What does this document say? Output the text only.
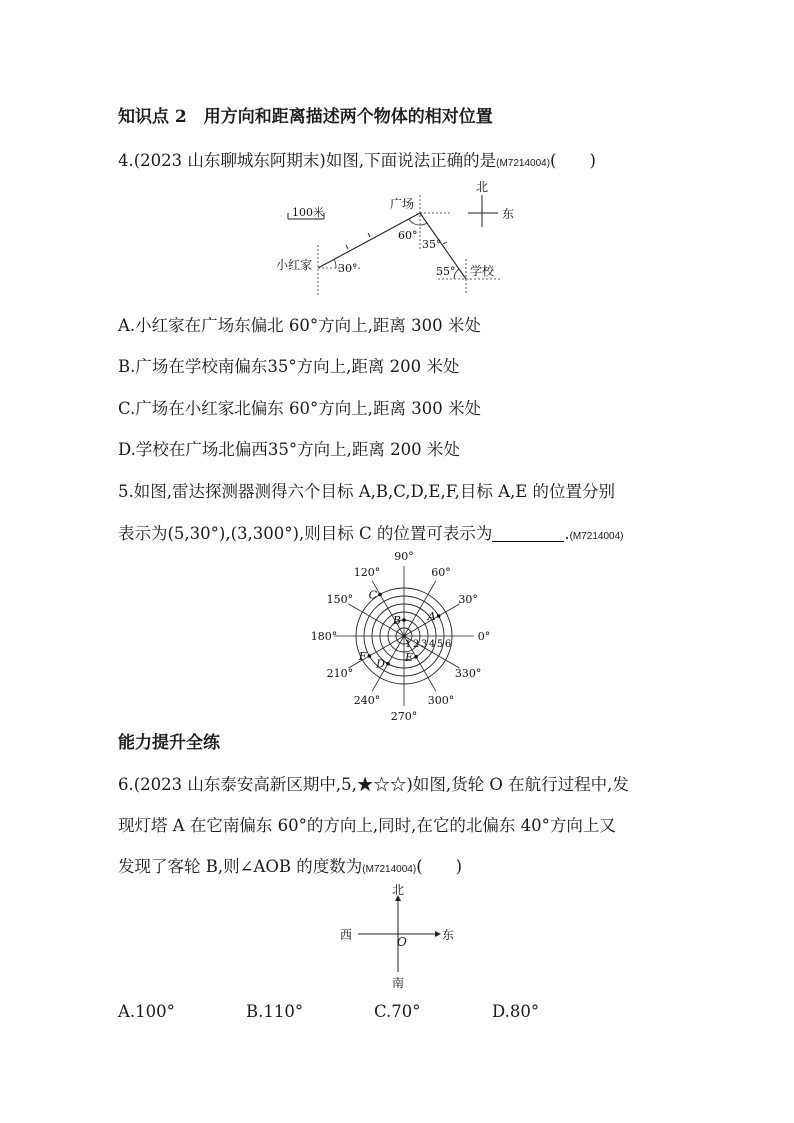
知识点 2　用方向和距离描述两个物体的相对位置
4.(2023 山东聊城东阿期末)如图,下面说法正确的是(M7214004)(　　)
100米
北
东
广场
小红家	学校
30°
60°
35°
55°
A.小红家在广场东偏北 60°方向上,距离 300 米处
B.广场在学校南偏东35°方向上,距离 200 米处
C.广场在小红家北偏东 60°方向上,距离 300 米处
D.学校在广场北偏西35°方向上,距离 200 米处
5.如图,雷达探测器测得六个目标 A,B,C,D,E,F,目标 A,E 的位置分别
表示为(5,30°),(3,300°),则目标 C 的位置可表示为	.(M7214004)
0°
30°
60°
90°
120°
150°
180°
210°
240°
270°
300°
330°
1 2 3 4 5 6
A
B
C
D
E
F
能力提升全练
6.(2023 山东泰安高新区期中,5,★☆☆)如图,货轮 O 在航行过程中,发
现灯塔 A 在它南偏东 60°的方向上,同时,在它的北偏东 40°方向上又
发现了客轮 B,则∠AOB 的度数为(M7214004)(　　)
北
南
西	东
O
A.100°	B.110°	C.70°	D.80°
